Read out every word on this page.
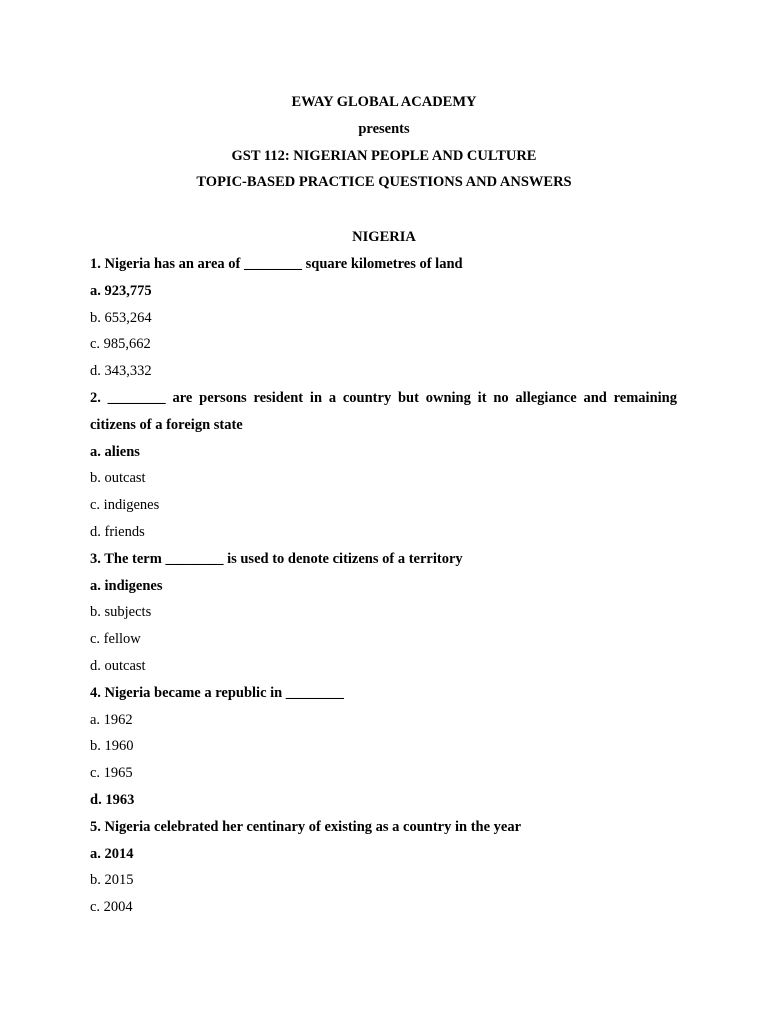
EWAY GLOBAL ACADEMY
presents
GST 112: NIGERIAN PEOPLE AND CULTURE
TOPIC-BASED PRACTICE QUESTIONS AND ANSWERS
NIGERIA
1. Nigeria has an area of ________ square kilometres of land
a. 923,775
b. 653,264
c. 985,662
d. 343,332
2. ________ are persons resident in a country but owning it no allegiance and remaining citizens of a foreign state
a. aliens
b. outcast
c. indigenes
d. friends
3. The term ________ is used to denote citizens of a territory
a. indigenes
b. subjects
c. fellow
d. outcast
4. Nigeria became a republic in ________
a. 1962
b. 1960
c. 1965
d. 1963
5. Nigeria celebrated her centinary of existing as a country in the year
a. 2014
b. 2015
c. 2004
